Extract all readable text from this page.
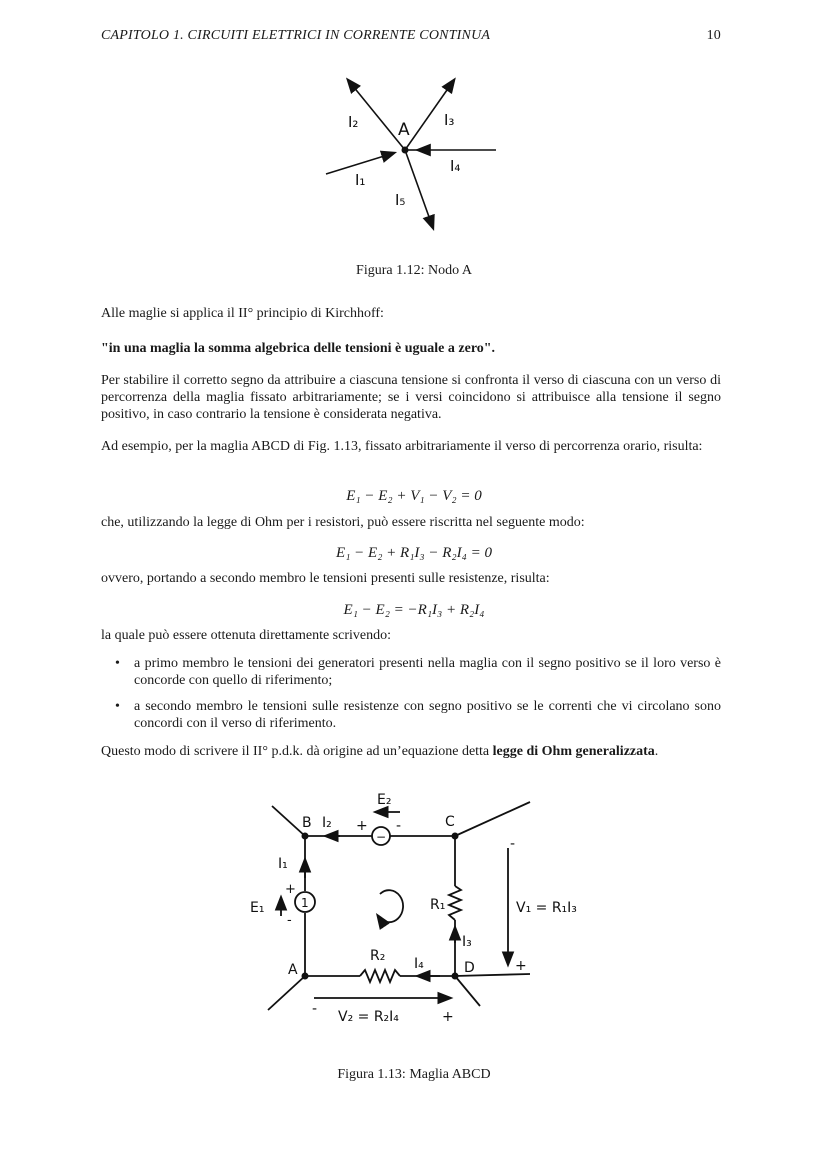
CAPITOLO 1. CIRCUITI ELETTRICI IN CORRENTE CONTINUA	10
A
I₂	I₃
I₄
I₁
I₅
Figura 1.12: Nodo A
Alle maglie si applica il II° principio di Kirchhoff:
"in una maglia la somma algebrica delle tensioni è uguale a zero".
Per stabilire il corretto segno da attribuire a ciascuna tensione si confronta il verso di ciascuna con un verso di percorrenza della maglia fissato arbitrariamente; se i versi coincidono si attribuisce alla tensione il segno positivo, in caso contrario la tensione è considerata negativa.
Ad esempio, per la maglia ABCD di Fig. 1.13, fissato arbitrariamente il verso di percorrenza orario, risulta:
E₁ − E₂ + V₁ − V₂ = 0
che, utilizzando la legge di Ohm per i resistori, può essere riscritta nel seguente modo:
E₁ − E₂ + R₁I₃ − R₂I₄ = 0
ovvero, portando a secondo membro le tensioni presenti sulle resistenze, risulta:
E₁ − E₂ = −R₁I₃ + R₂I₄
la quale può essere ottenuta direttamente scrivendo:
• a primo membro le tensioni dei generatori presenti nella maglia con il segno positivo se il loro verso è concorde con quello di riferimento;
• a secondo membro le tensioni sulle resistenze con segno positivo se le correnti che vi circolano sono concordi con il verso di riferimento.
Questo modo di scrivere il II° p.d.k. dà origine ad un’equazione detta legge di Ohm generalizzata.
B	C
A	D
I₂
I₁
I₃
I₄
R₁
R₂
E₁
E₂
+ -
−
1
+
-
-
+
-	+
V₁ = R₁I₃
V₂ = R₂I₄
Figura 1.13: Maglia ABCD
